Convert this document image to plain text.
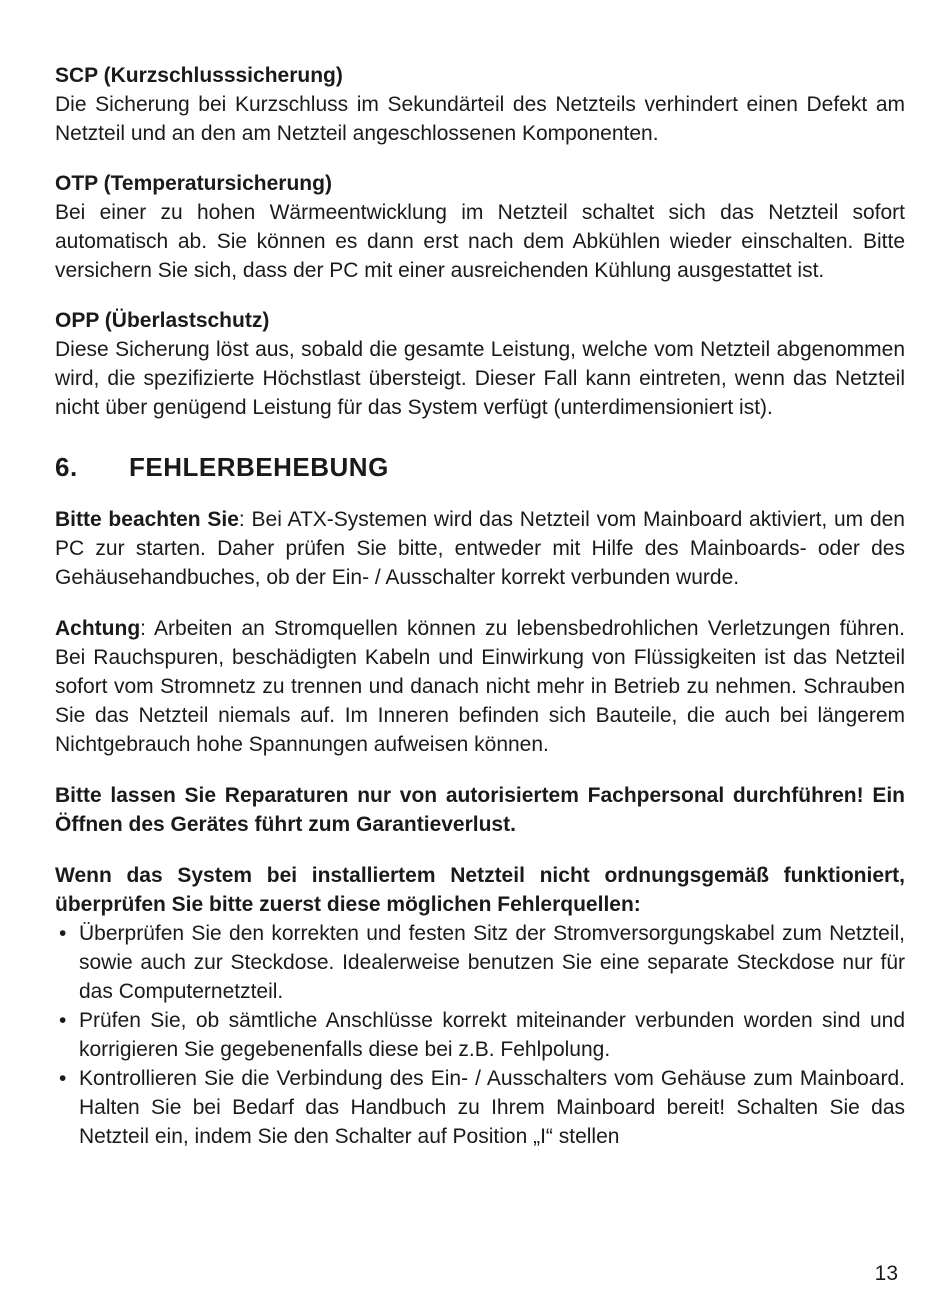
SCP (Kurzschlusssicherung)

Die Sicherung bei Kurzschluss im Sekundärteil des Netzteils verhindert einen Defekt am Netzteil und an den am Netzteil angeschlossenen Komponenten.

OTP (Temperatursicherung)

Bei einer zu hohen Wärmeentwicklung im Netzteil schaltet sich das Netzteil sofort automatisch ab. Sie können es dann erst nach dem Abkühlen wieder einschalten. Bitte versichern Sie sich, dass der PC mit einer ausreichenden Kühlung ausgestattet ist.

OPP (Überlastschutz)

Diese Sicherung löst aus, sobald die gesamte Leistung, welche vom Netzteil abgenommen wird, die spezifizierte Höchstlast übersteigt. Dieser Fall kann eintreten, wenn das Netzteil nicht über genügend Leistung für das System verfügt (unterdimensioniert ist).

6.	FEHLERBEHEBUNG

Bitte beachten Sie: Bei ATX-Systemen wird das Netzteil vom Mainboard aktiviert, um den PC zur starten. Daher prüfen Sie bitte, entweder mit Hilfe des Mainboards- oder des Gehäusehandbuches, ob der Ein- / Ausschalter korrekt verbunden wurde.

Achtung: Arbeiten an Stromquellen können zu lebensbedrohlichen Verletzungen führen. Bei Rauchspuren, beschädigten Kabeln und Einwirkung von Flüssigkeiten ist das Netzteil sofort vom Stromnetz zu trennen und danach nicht mehr in Betrieb zu nehmen. Schrauben Sie das Netzteil niemals auf. Im Inneren befinden sich Bauteile, die auch bei längerem Nichtgebrauch hohe Spannungen aufweisen können.

Bitte lassen Sie Reparaturen nur von autorisiertem Fachpersonal durchführen! Ein Öffnen des Gerätes führt zum Garantieverlust.

Wenn das System bei installiertem Netzteil nicht ordnungsgemäß funktioniert, überprüfen Sie bitte zuerst diese möglichen Fehlerquellen:

• Überprüfen Sie den korrekten und festen Sitz der Stromversorgungskabel zum Netzteil, sowie auch zur Steckdose. Idealerweise benutzen Sie eine separate Steckdose nur für das Computernetzteil.
• Prüfen Sie, ob sämtliche Anschlüsse korrekt miteinander verbunden worden sind und korrigieren Sie gegebenenfalls diese bei z.B. Fehlpolung.
• Kontrollieren Sie die Verbindung des Ein- / Ausschalters vom Gehäuse zum Mainboard. Halten Sie bei Bedarf das Handbuch zu Ihrem Mainboard bereit! Schalten Sie das Netzteil ein, indem Sie den Schalter auf Position „I“ stellen
13
